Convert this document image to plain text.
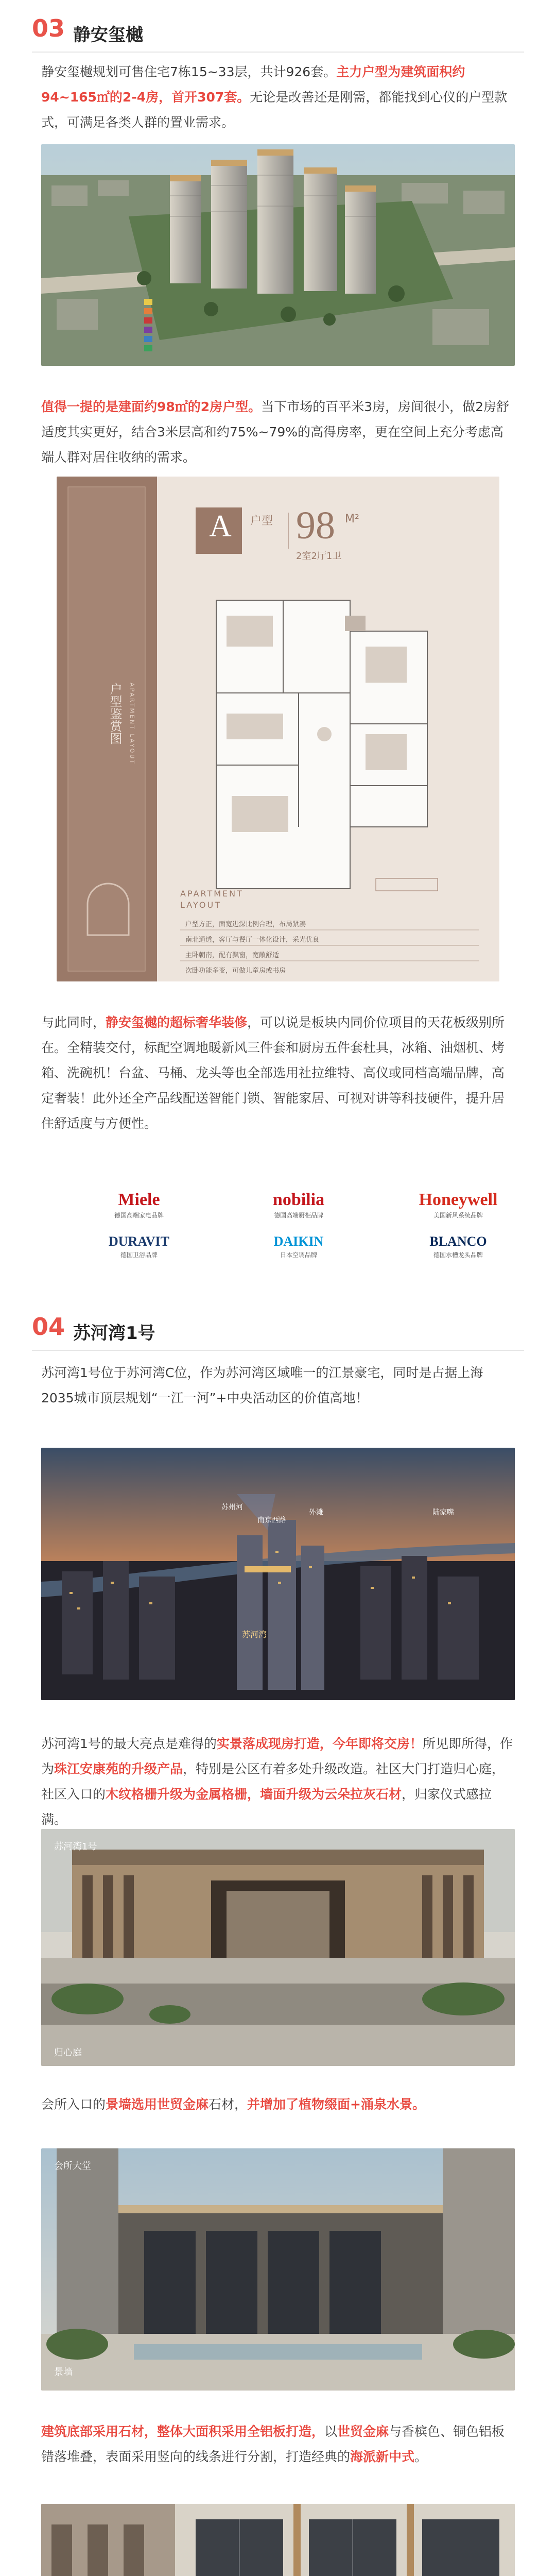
03 静安玺樾
静安玺樾规划可售住宅7栋15~33层，共计926套。主力户型为建筑面积约94~165㎡的2-4房，首开307套。无论是改善还是刚需，都能找到心仪的户型款式，可满足各类人群的置业需求。
值得一提的是建面约98㎡的2房户型。当下市场的百平米3房，房间很小，做2房舒适度其实更好，结合3米层高和约75%~79%的高得房率，更在空间上充分考虑高端人群对居住收纳的需求。
A	户型 98 M²
2室2厅1卫
户型鉴赏图 APARTMENT LAYOUT
APARTMENT
LAYOUT
户型方正，面宽进深比例合理，布局紧凑
南北通透，客厅与餐厅一体化设计，采光优良
主卧朝南，配有飘窗，宽敞舒适
次卧功能多变，可做儿童房或书房
与此同时，静安玺樾的超标奢华装修，可以说是板块内同价位项目的天花板级别所在。全精装交付，标配空调地暖新风三件套和厨房五件套杜具，冰箱、油烟机、烤箱、洗碗机！台盆、马桶、龙头等也全部选用社拉维特、高仪或同档高端品牌，高定奢装！此外还全产品线配送智能门锁、智能家居、可视对讲等科技硬件，提升居住舒适度与方便性。
Miele
德国高端家电品牌
nobilia
德国高端厨柜品牌
Honeywell
美国新风系统品牌
DURAVIT
德国卫浴品牌
DAIKIN
日本空调品牌
BLANCO
德国水槽龙头品牌
04 苏河湾1号
苏河湾1号位于苏河湾C位，作为苏河湾区域唯一的江景豪宅，同时是占据上海2035城市顶层规划“一江一河”+中央活动区的价值高地！
苏州河
南京西路
外滩	陆家嘴
苏河湾
苏河湾1号的最大亮点是难得的实景落成现房打造，今年即将交房！所见即所得，作为珠江安康苑的升级产品，特别是公区有着多处升级改造。社区大门打造归心庭，社区入口的木纹格栅升级为金属格栅，墙面升级为云朵拉灰石材，归家仪式感拉满。
苏河湾1号
归心庭
会所入口的景墙选用世贸金麻石材，并增加了植物缀面+涌泉水景。
会所大堂
景墙
建筑底部采用石材，整体大面积采用全铝板打造，以世贸金麻与香槟色、铜色铝板错落堆叠，表面采用竖向的线条进行分割，打造经典的海派新中式。
